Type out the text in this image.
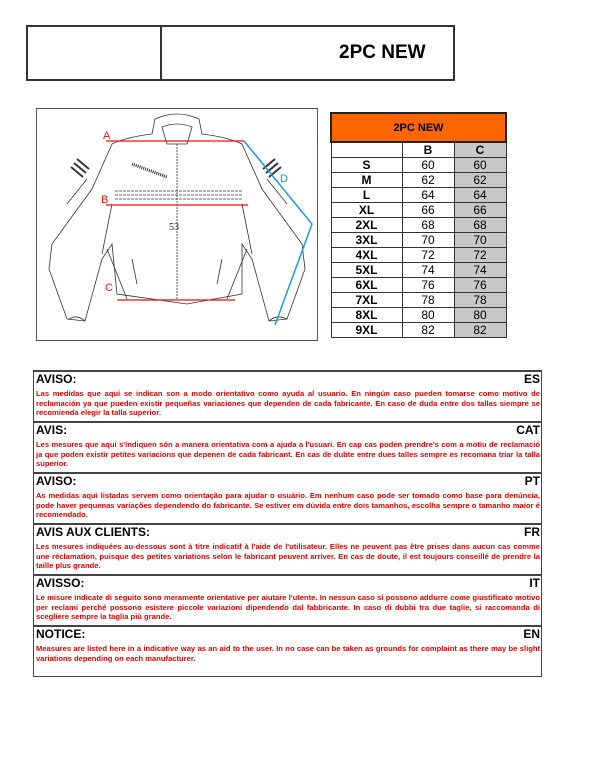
2PC NEW
A
B
C
D
53
2PC NEW		
	B	C
S	60	60
M	62	62
L	64	64
XL	66	66
2XL	68	68
3XL	70	70
4XL	72	72
5XL	74	74
6XL	76	76
7XL	78	78
8XL	80	80
9XL	82	82
AVISO:	ES
Las medidas que aquí se indican son a modo orientativo como ayuda al usuario. En ningún caso pueden tomarse como motivo de reclamación ya que pueden existir pequeñas variaciones que dependen de cada fabricante. En caso de duda entre dos tallas siempre se recomienda elegir la talla superior.
AVIS:	CAT
Les mesures que aquí s'indiquen són a manera orientativa com a ajuda a l'usuari. En cap cas poden prendre's com a motiu de reclamació ja que poden existir petites variacions que depenen de cada fabricant. En cas de dubte entre dues talles sempre es recomana triar la talla superior.
AVISO:	PT
As medidas aqui listadas servem como orientação para ajudar o usuário. Em nenhum caso pode ser tomado como base para denúncia, pode haver pequenas variações dependendo do fabricante. Se estiver em dúvida entre dois tamanhos, escolha sempre o tamanho maior é recomendado.
AVIS AUX CLIENTS:	FR
Les mesures indiquées au-dessous sont à titre indicatif à l'aide de l'utilisateur. Elles ne peuvent pas être prises dans aucun cas comme une réclamation, puisque des petites variations selon le fabricant peuvent arriver. En cas de doute, il est toujours conseillé de prendre la taille plus grande.
AVISSO:	IT
Le misure indicate di seguito sono meramente orientative per aiutare l'utente. In nessun caso si possono addurre come giustificato motivo per reclami perché possono esistere piccole variazioni dipendendo dal fabbricante. In caso di dubbi tra due taglie, si raccomanda di scegliere sempre la taglia più grande.
NOTICE:	EN
Measures are listed here in a indicative way as an aid to the user. In no case can be taken as grounds for complaint as there may be slight variations depending on each manufacturer.
